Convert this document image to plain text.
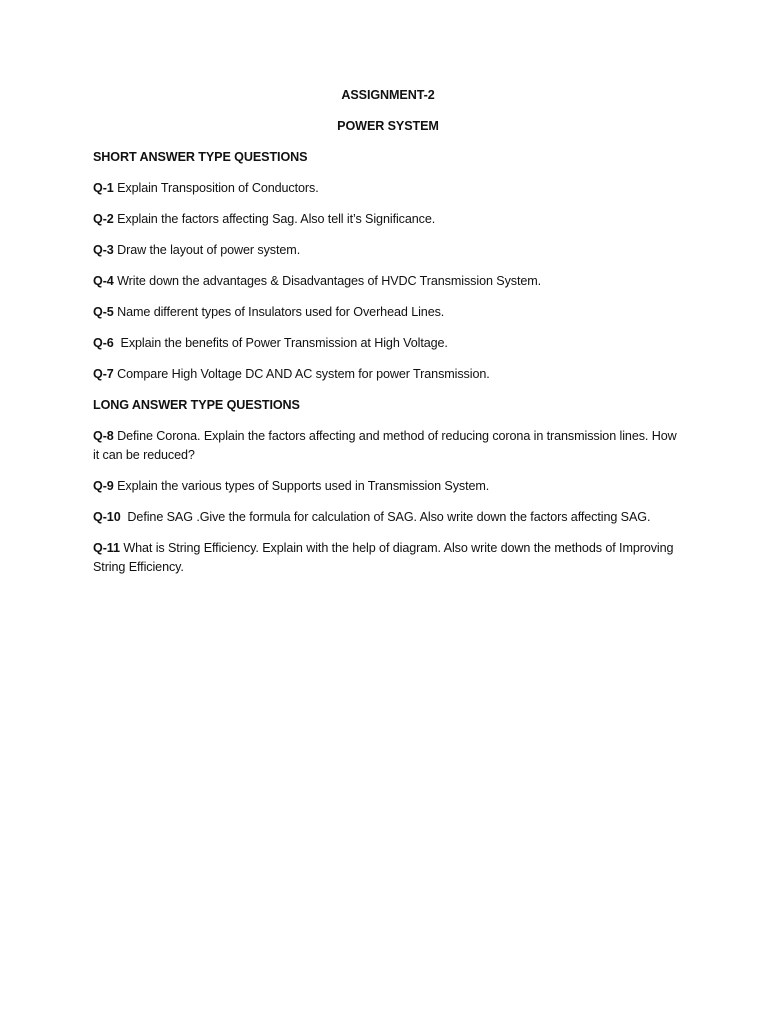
ASSIGNMENT-2
POWER SYSTEM
SHORT ANSWER TYPE QUESTIONS
Q-1 Explain Transposition of Conductors.
Q-2 Explain the factors affecting Sag. Also tell it’s Significance.
Q-3 Draw the layout of power system.
Q-4 Write down the advantages & Disadvantages of HVDC Transmission System.
Q-5 Name different types of Insulators used for Overhead Lines.
Q-6 Explain the benefits of Power Transmission at High Voltage.
Q-7 Compare High Voltage DC AND AC system for power Transmission.
LONG ANSWER TYPE QUESTIONS
Q-8 Define Corona. Explain the factors affecting and method of reducing corona in transmission lines. How it can be reduced?
Q-9 Explain the various types of Supports used in Transmission System.
Q-10 Define SAG .Give the formula for calculation of SAG. Also write down the factors affecting SAG.
Q-11 What is String Efficiency. Explain with the help of diagram. Also write down the methods of Improving String Efficiency.
